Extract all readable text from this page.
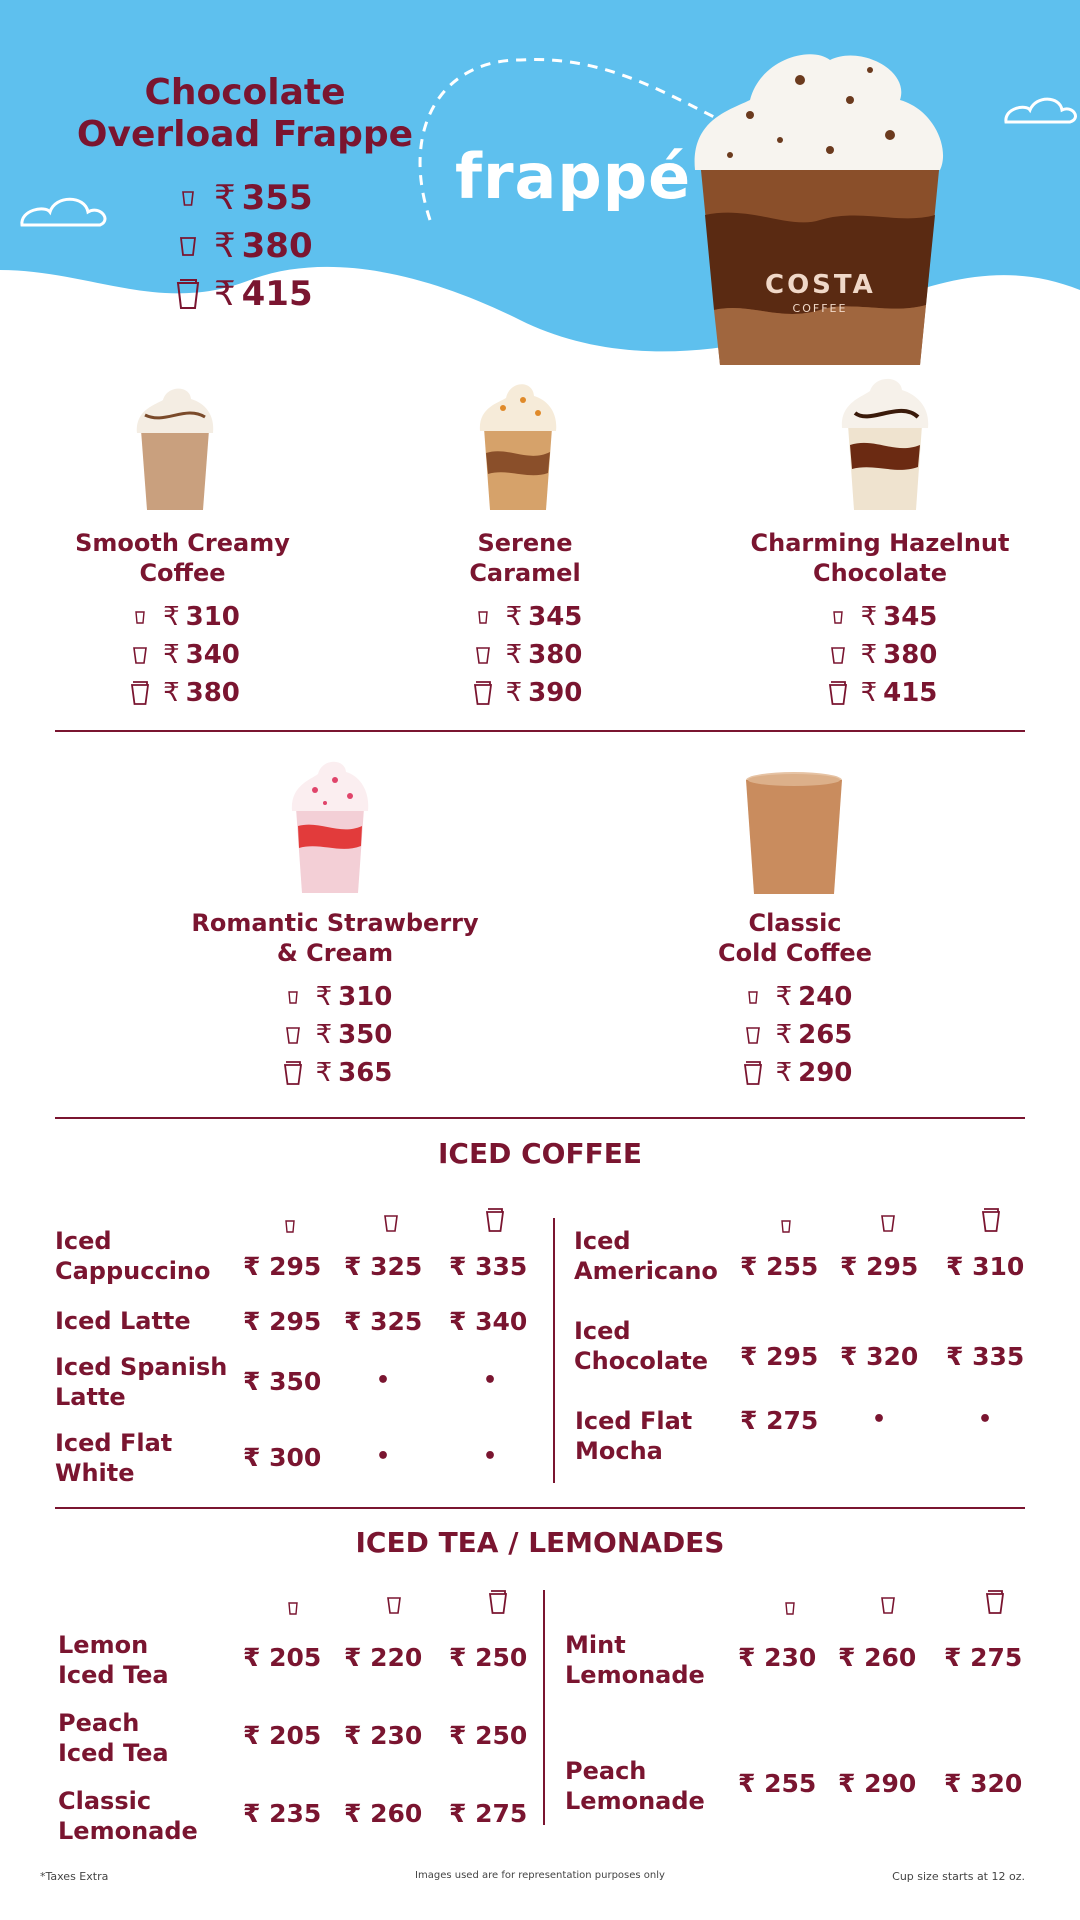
COSTA
COFFEE
frappé
Chocolate
Overload Frappe
₹ 355
₹ 380
₹ 415
Smooth Creamy
Coffee
₹ 310
₹ 340
₹ 380
Serene
Caramel
₹ 345
₹ 380
₹ 390
Charming Hazelnut
Chocolate
₹ 345
₹ 380
₹ 415
Romantic Strawberry
& Cream
₹ 310
₹ 350
₹ 365
Classic
Cold Coffee
₹ 240
₹ 265
₹ 290
ICED COFFEE
Iced
Cappuccino ₹ 295 ₹ 325 ₹ 335
Iced Latte ₹ 295 ₹ 325 ₹ 340
Iced Spanish
Latte
₹ 350 •	•
Iced Flat
White
₹ 300 •	•
Iced
Americano ₹ 255 ₹ 295 ₹ 310
Iced
Chocolate ₹ 295 ₹ 320 ₹ 335
Iced Flat
Mocha
₹ 275 •	•
ICED TEA / LEMONADES
Lemon
Iced Tea
₹ 205 ₹ 220 ₹ 250
Peach
Iced Tea
₹ 205 ₹ 230 ₹ 250
Classic
Lemonade
₹ 235 ₹ 260 ₹ 275
Mint
Lemonade
₹ 230 ₹ 260 ₹ 275
Peach
Lemonade
₹ 255 ₹ 290 ₹ 320
*Taxes Extra	Images used are for representation purposes only	Cup size starts at 12 oz.
